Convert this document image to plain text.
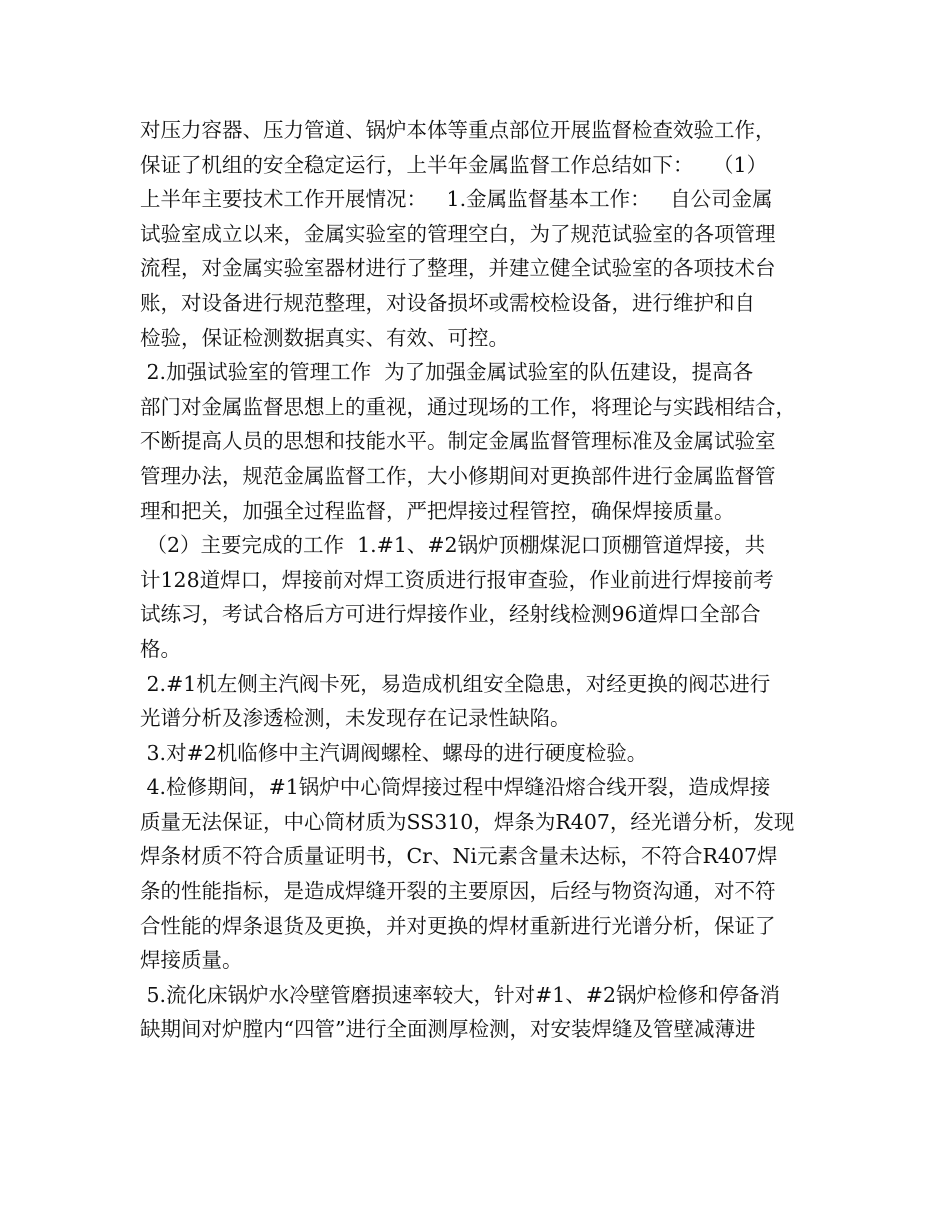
对压力容器、压力管道、锅炉本体等重点部位开展监督检查效验工作，
保证了机组的安全稳定运行，上半年金属监督工作总结如下：   （1）
上半年主要技术工作开展情况：   1.金属监督基本工作：   自公司金属
试验室成立以来，金属实验室的管理空白，为了规范试验室的各项管理
流程，对金属实验室器材进行了整理，并建立健全试验室的各项技术台
账，对设备进行规范整理，对设备损坏或需校检设备，进行维护和自
检验，保证检测数据真实、有效、可控。
2.加强试验室的管理工作  为了加强金属试验室的队伍建设，提高各
部门对金属监督思想上的重视，通过现场的工作，将理论与实践相结合，
不断提高人员的思想和技能水平。制定金属监督管理标准及金属试验室
管理办法，规范金属监督工作，大小修期间对更换部件进行金属监督管
理和把关，加强全过程监督，严把焊接过程管控，确保焊接质量。
（2）主要完成的工作  1.#1、#2锅炉顶棚煤泥口顶棚管道焊接，共
计128道焊口，焊接前对焊工资质进行报审查验，作业前进行焊接前考
试练习，考试合格后方可进行焊接作业，经射线检测96道焊口全部合
格。
2.#1机左侧主汽阀卡死，易造成机组安全隐患，对经更换的阀芯进行
光谱分析及渗透检测，未发现存在记录性缺陷。
3.对#2机临修中主汽调阀螺栓、螺母的进行硬度检验。
4.检修期间，#1锅炉中心筒焊接过程中焊缝沿熔合线开裂，造成焊接
质量无法保证，中心筒材质为SS310，焊条为R407，经光谱分析，发现
焊条材质不符合质量证明书，Cr、Ni元素含量未达标，不符合R407焊
条的性能指标，是造成焊缝开裂的主要原因，后经与物资沟通，对不符
合性能的焊条退货及更换，并对更换的焊材重新进行光谱分析，保证了
焊接质量。
5.流化床锅炉水冷壁管磨损速率较大，针对#1、#2锅炉检修和停备消
缺期间对炉膛内“四管”进行全面测厚检测，对安装焊缝及管壁减薄进
